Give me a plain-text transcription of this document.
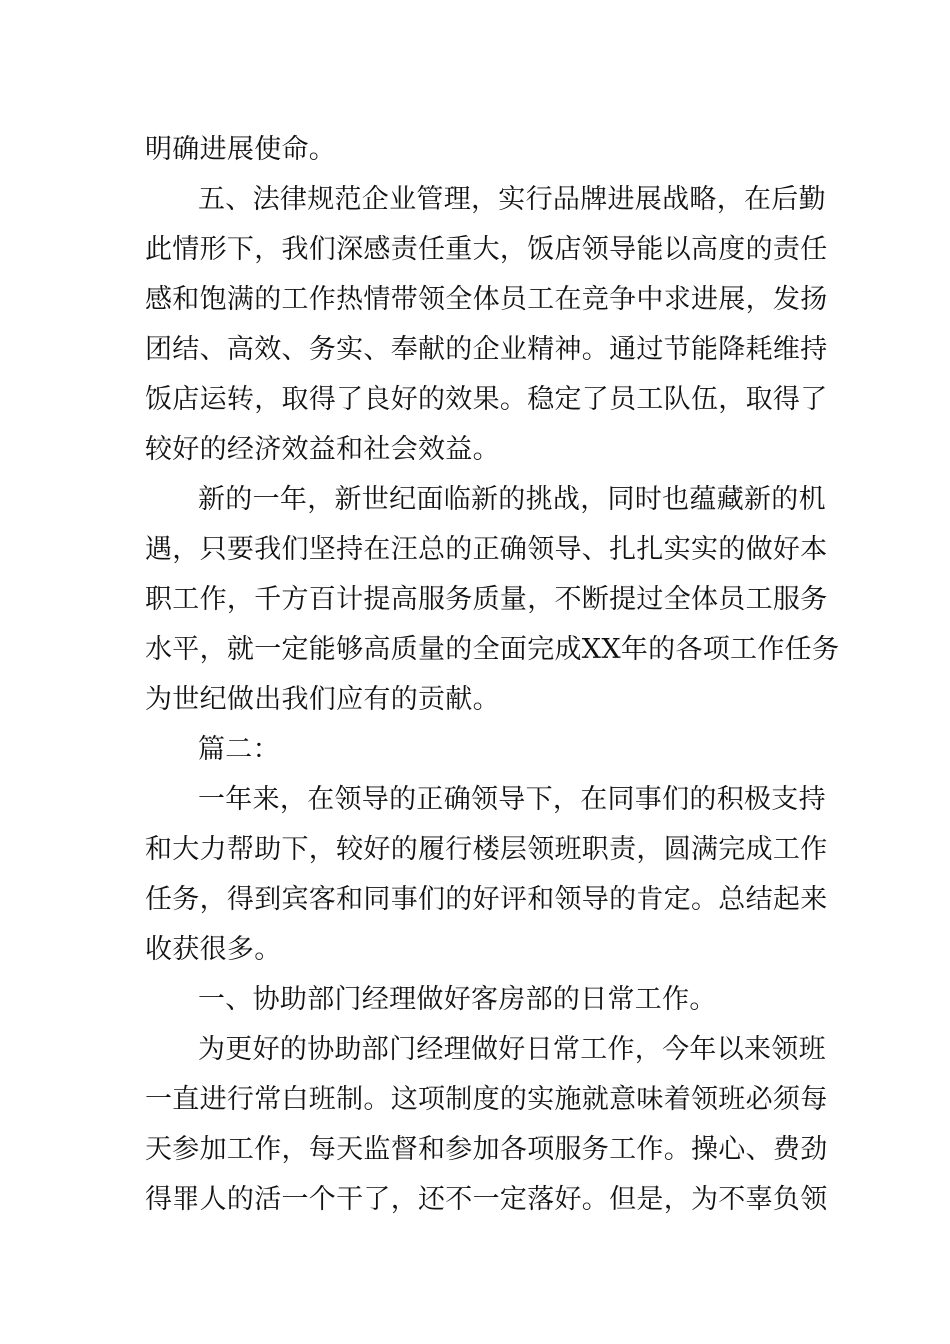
明确进展使命。
五、法律规范企业管理，实行品牌进展战略，在后勤
此情形下，我们深感责任重大，饭店领导能以高度的责任
感和饱满的工作热情带领全体员工在竞争中求进展，发扬
团结、高效、务实、奉献的企业精神。通过节能降耗维持
饭店运转，取得了良好的效果。稳定了员工队伍，取得了
较好的经济效益和社会效益。
新的一年，新世纪面临新的挑战，同时也蕴藏新的机
遇，只要我们坚持在汪总的正确领导、扎扎实实的做好本
职工作，千方百计提高服务质量，不断提过全体员工服务
水平，就一定能够高质量的全面完成XX年的各项工作任务
为世纪做出我们应有的贡献。
篇二：
一年来，在领导的正确领导下，在同事们的积极支持
和大力帮助下，较好的履行楼层领班职责，圆满完成工作
任务，得到宾客和同事们的好评和领导的肯定。总结起来
收获很多。
一、协助部门经理做好客房部的日常工作。
为更好的协助部门经理做好日常工作，今年以来领班
一直进行常白班制。这项制度的实施就意味着领班必须每
天参加工作，每天监督和参加各项服务工作。操心、费劲
得罪人的活一个干了，还不一定落好。但是，为不辜负领
